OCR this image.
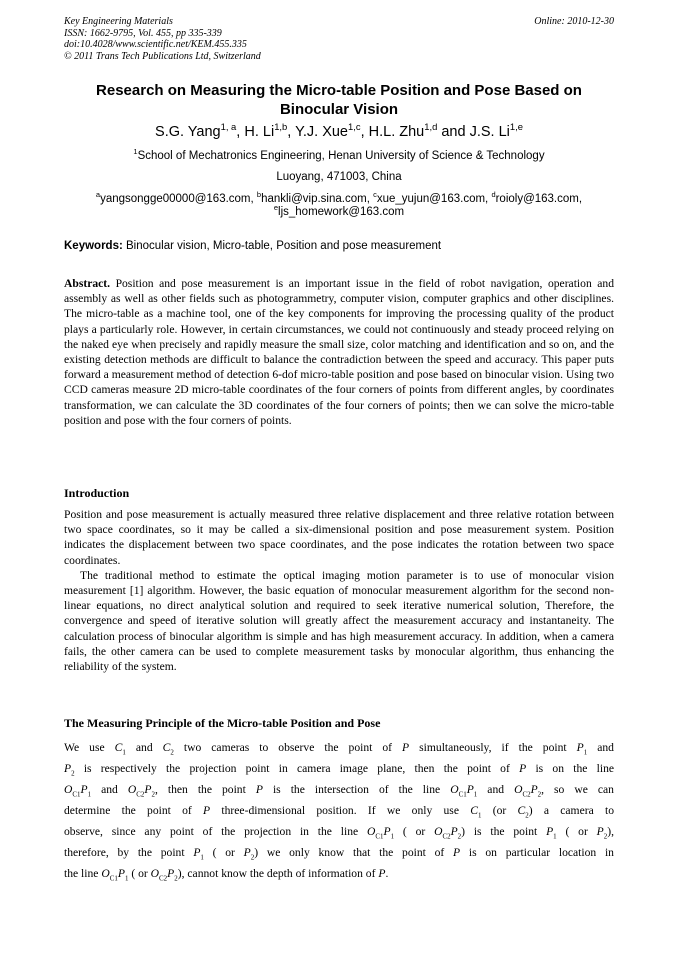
Key Engineering Materials
ISSN: 1662-9795, Vol. 455, pp 335-339
doi:10.4028/www.scientific.net/KEM.455.335
© 2011 Trans Tech Publications Ltd, Switzerland
Online: 2010-12-30
Research on Measuring the Micro-table Position and Pose Based on Binocular Vision
S.G. Yang$^{1, a}$, H. Li$^{1,b}$, Y.J. Xue$^{1,c}$, H.L. Zhu$^{1,d}$ and J.S. Li$^{1,e}$
$^1$School of Mechatronics Engineering, Henan University of Science & Technology
Luoyang, 471003, China
$^a$yangsongge00000@163.com, $^b$hankli@vip.sina.com, $^c$xue_yujun@163.com, $^d$roioly@163.com,
$^e$ljs_homework@163.com
Keywords: Binocular vision, Micro-table, Position and pose measurement
Abstract. Position and pose measurement is an important issue in the field of robot navigation, operation and assembly as well as other fields such as photogrammetry, computer vision, computer graphics and other disciplines. The micro-table as a machine tool, one of the key components for improving the processing quality of the product plays a particularly role. However, in certain circumstances, we could not continuously and steady proceed relying on the naked eye when precisely and rapidly measure the small size, color matching and identification and so on, and the existing detection methods are difficult to balance the contradiction between the speed and accuracy. This paper puts forward a measurement method of detection 6-dof micro-table position and pose based on binocular vision. Using two CCD cameras measure 2D micro-table coordinates of the four corners of points from different angles, by coordinates transformation, we can calculate the 3D coordinates of the four corners of points; then we can solve the micro-table position and pose with the four corners of points.
Introduction
Position and pose measurement is actually measured three relative displacement and three relative rotation between two space coordinates, so it may be called a six-dimensional position and pose measurement system. Position indicates the displacement between two space coordinates, and the pose indicates the rotation between two space coordinates.
The traditional method to estimate the optical imaging motion parameter is to use of monocular vision measurement [1] algorithm. However, the basic equation of monocular measurement algorithm for the second non-linear equations, no direct analytical solution and required to seek iterative numerical solution, Therefore, the convergence and speed of iterative solution will greatly affect the measurement accuracy and instantaneity. The calculation process of binocular algorithm is simple and has high measurement accuracy. In addition, when a camera fails, the other camera can be used to complete measurement tasks by monocular algorithm, thus enhancing the reliability of the system.
The Measuring Principle of the Micro-table Position and Pose
We use $C_1$ and $C_2$ two cameras to observe the point of P simultaneously, if the point $P_1$ and
$P_2$ is respectively the projection point in camera image plane, then the point of P is on the line
$O_{C1}P_1$ and $O_{C2}P_2$, then the point P is the intersection of the line $O_{C1}P_1$ and $O_{C2}P_2$, so we can
determine the point of P three-dimensional position. If we only use $C_1$ (or $C_2$) a camera to
observe, since any point of the projection in the line $O_{C1}P_1$ ( or $O_{C2}P_2$) is the point $P_1$ ( or $P_2$),
therefore, by the point $P_1$ ( or $P_2$) we only know that the point of P is on particular location in
the line $O_{C1}P_1$ ( or $O_{C2}P_2$), cannot know the depth of information of P.
